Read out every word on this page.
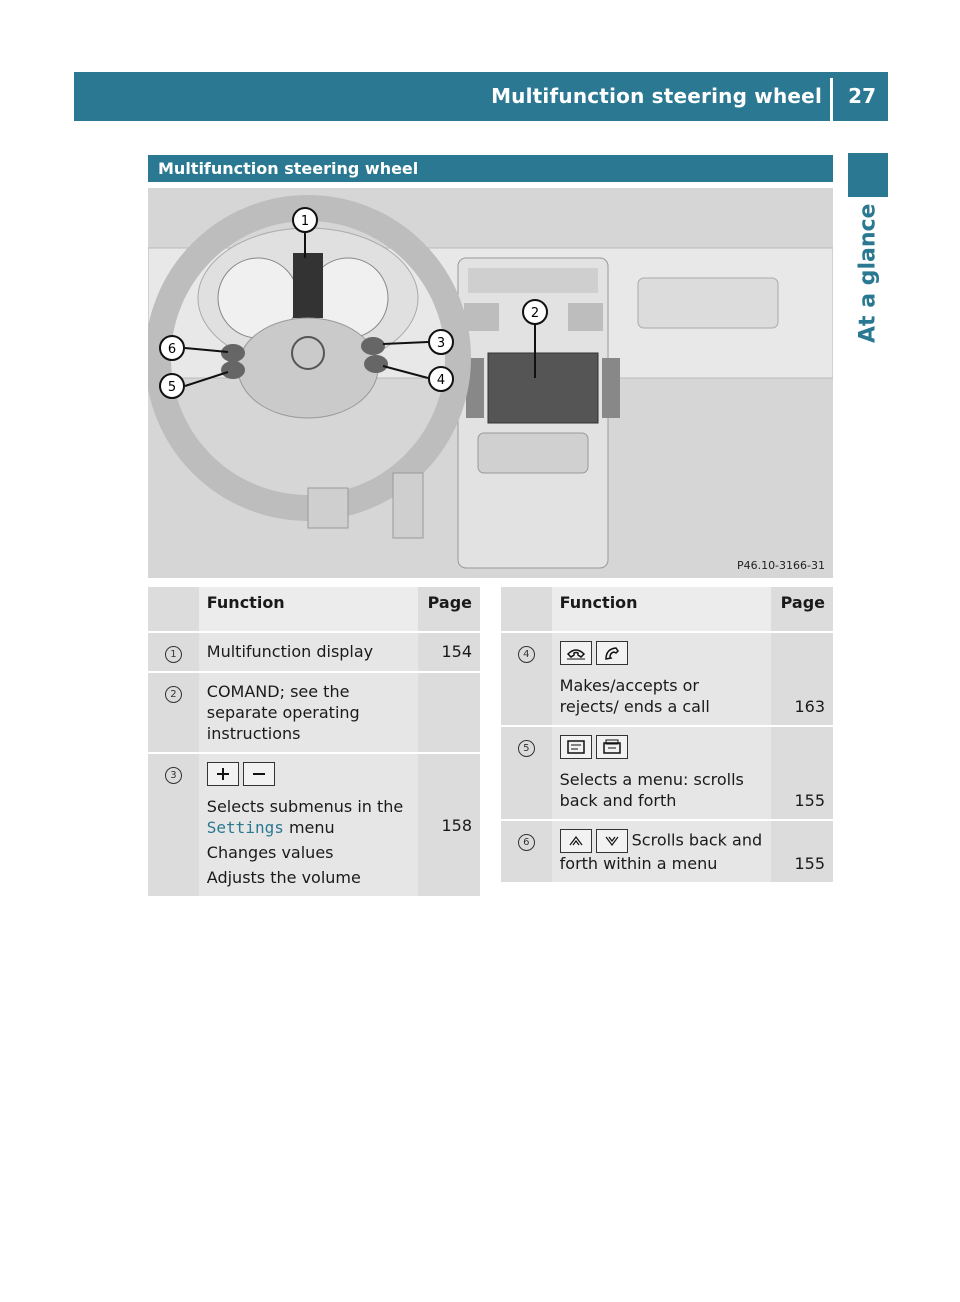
Multifunction steering wheel 27
At a glance
Multifunction steering wheel
1
2
3
4
5
6
P46.10-3166-31
	Function	Page
1	Multifunction display	154
2	COMAND; see the separate operating instructions	
3	Selects submenus in the
Settings menu
Changes values
Adjusts the volume	158
	Function	Page
4	Makes/accepts or rejects/ ends a call	163
5	Selects a menu: scrolls back and forth	155
6	Scrolls back and
forth within a menu	155
